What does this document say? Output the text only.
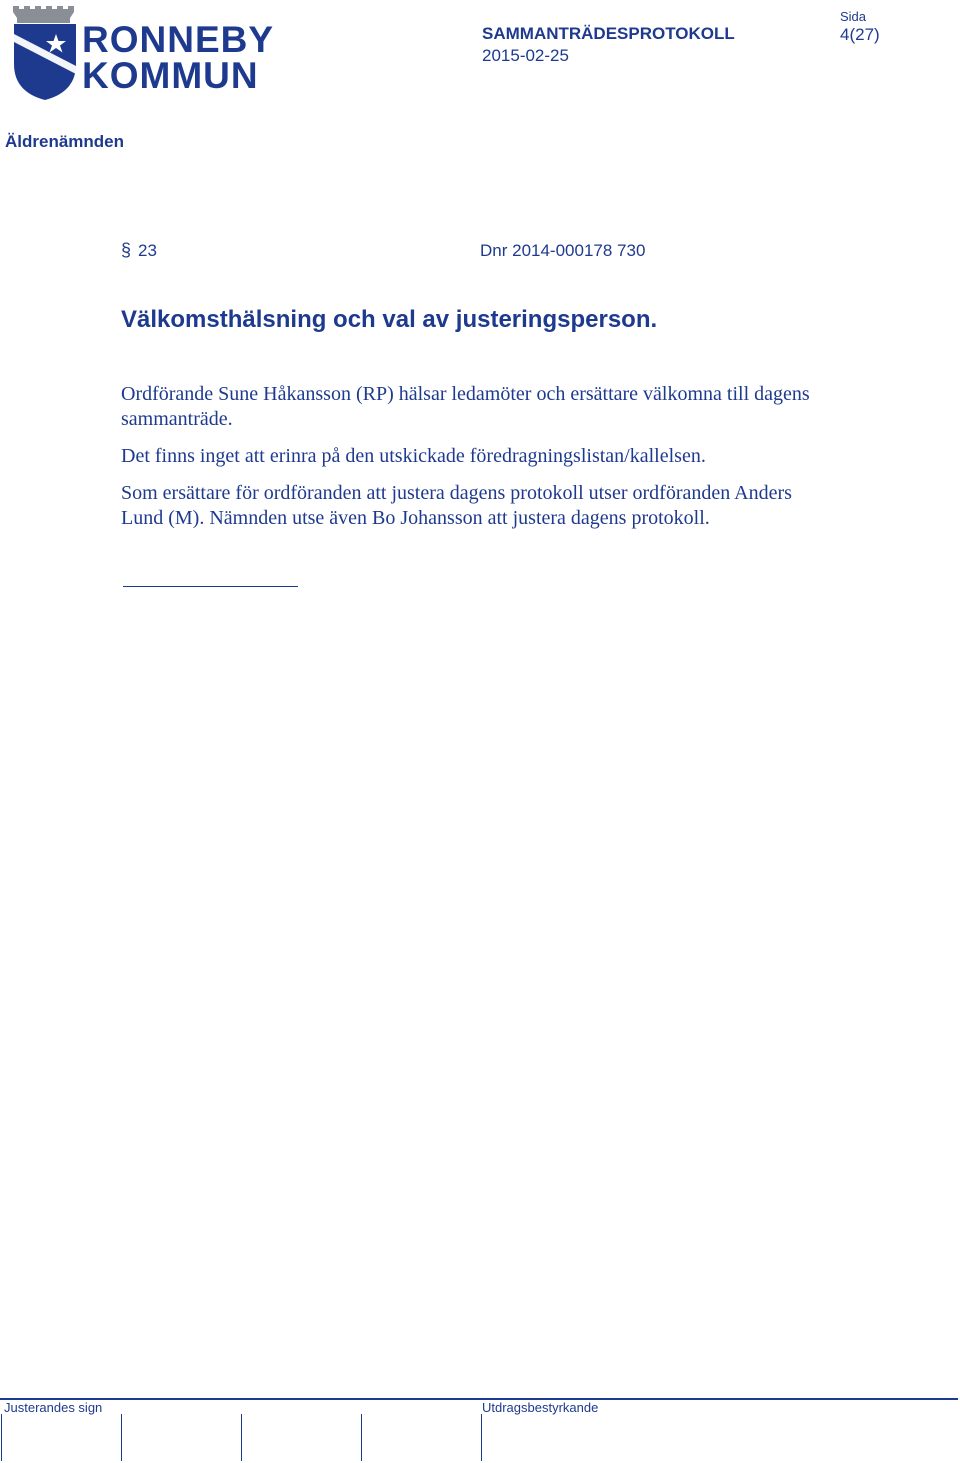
RONNEBY
KOMMUN
SAMMANTRÄDESPROTOKOLL
2015-02-25
Sida
4(27)
Äldrenämnden
§ 23	Dnr 2014-000178 730
Välkomsthälsning och val av justeringsperson.
Ordförande Sune Håkansson (RP) hälsar ledamöter och ersättare välkomna till dagens sammanträde.
Det finns inget att erinra på den utskickade föredragningslistan/kallelsen.
Som ersättare för ordföranden att justera dagens protokoll utser ordföranden Anders Lund (M). Nämnden utse även Bo Johansson att justera dagens protokoll.
Justerandes sign	Utdragsbestyrkande
